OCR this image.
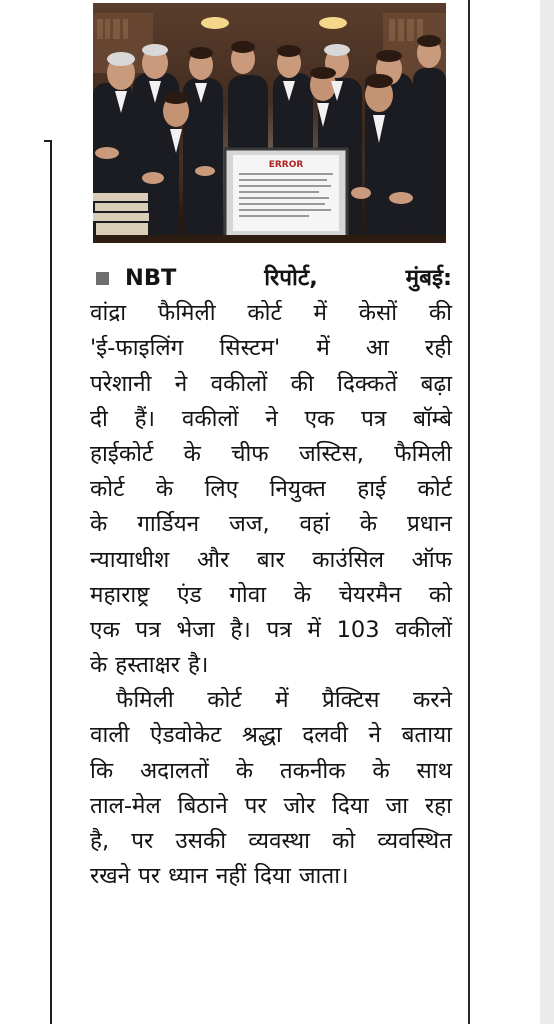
ERROR
NBT	रिपोर्ट,	मुंबई:
वांद्रा फैमिली कोर्ट में केसों की
'ई-फाइलिंग सिस्टम' में आ रही
परेशानी ने वकीलों की दिक्कतें बढ़ा
दी हैं। वकीलों ने एक पत्र बॉम्बे
हाईकोर्ट के चीफ जस्टिस, फैमिली
कोर्ट के लिए नियुक्त हाई कोर्ट
के गार्डियन जज, वहां के प्रधान
न्यायाधीश और बार काउंसिल ऑफ
महाराष्ट्र एंड गोवा के चेयरमैन को
एक पत्र भेजा है। पत्र में 103 वकीलों
के हस्ताक्षर है।
फैमिली कोर्ट में प्रैक्टिस करने
वाली ऐडवोकेट श्रद्धा दलवी ने बताया
कि अदालतों के तकनीक के साथ
ताल-मेल बिठाने पर जोर दिया जा रहा
है, पर उसकी व्यवस्था को व्यवस्थित
रखने पर ध्यान नहीं दिया जाता।
